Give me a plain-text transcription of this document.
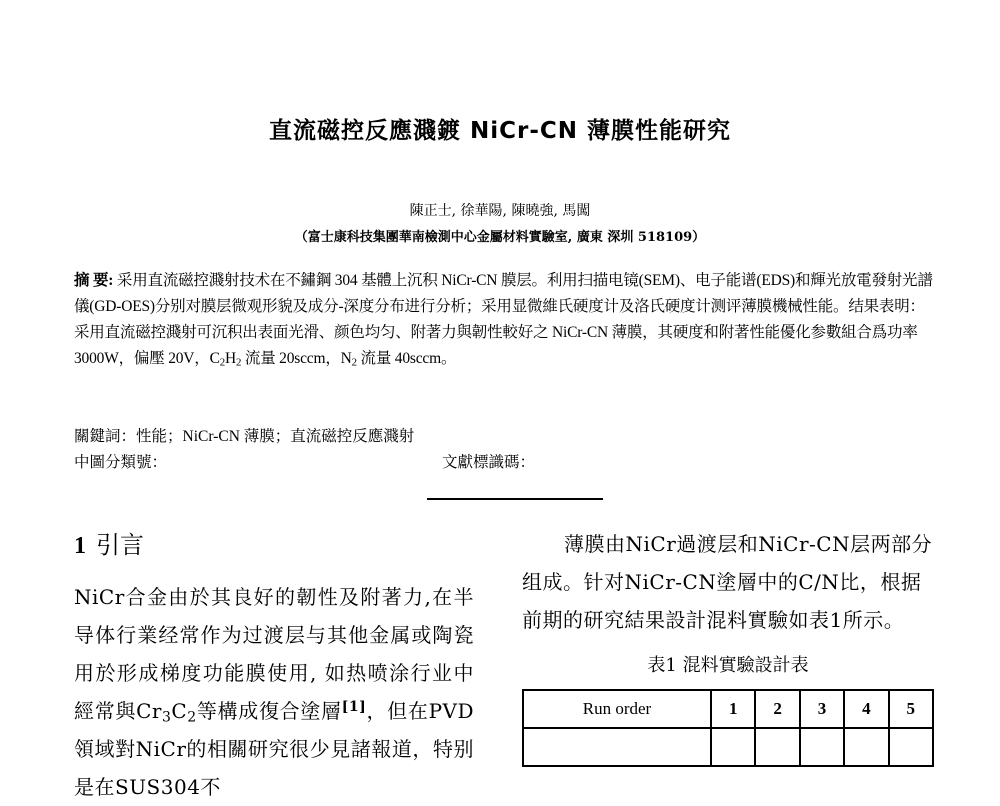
直流磁控反應濺鍍 NiCr-CN 薄膜性能研究
陳正士, 徐華陽, 陳曉強, 馬闖
（富士康科技集團華南檢測中心金屬材料實驗室, 廣東 深圳 518109）
摘 要: 采用直流磁控濺射技术在不鏽鋼 304 基體上沉积 NiCr-CN 膜层。利用扫描电镜(SEM)、电子能谱(EDS)和輝光放電發射光譜儀(GD-OES)分别对膜层微观形貌及成分-深度分布进行分析；采用显微維氏硬度计及洛氏硬度计测评薄膜機械性能。结果表明：采用直流磁控濺射可沉积出表面光滑、颜色均匀、附著力與韌性較好之 NiCr-CN 薄膜，其硬度和附著性能優化参數組合爲功率 3000W，偏壓 20V，$C_2H_2$ 流量 20sccm，$N_2$ 流量 40sccm。
關鍵詞：性能；NiCr-CN 薄膜；直流磁控反應濺射
中圖分類號：	文獻標識碼：
1 引言
NiCr合金由於其良好的韌性及附著力,在半导体行業经常作为过渡层与其他金属或陶瓷用於形成梯度功能膜使用, 如热喷涂行业中經常與$Cr_3C_2$等構成復合塗層[1]，但在PVD領域對NiCr的相關研究很少見諸報道，特别是在SUS304不

薄膜由NiCr過渡层和NiCr-CN层两部分组成。针对NiCr-CN塗層中的C/N比，根据前期的研究結果設計混料實驗如表1所示。

表1 混料實驗設計表
Run order	1	2	3	4	5
